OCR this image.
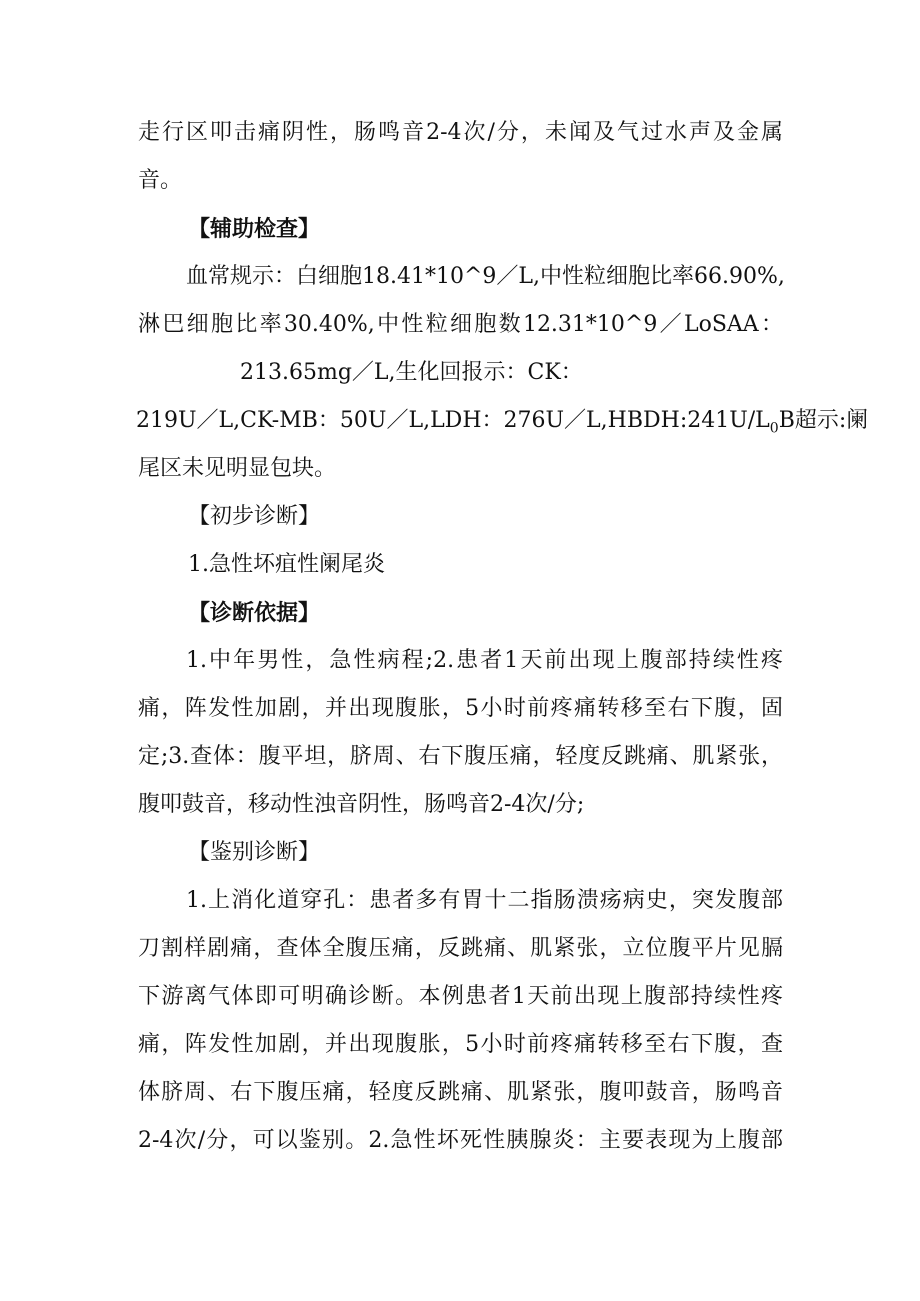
走行区叩击痛阴性，肠鸣音2-4次/分，未闻及气过水声及金属
音。
【辅助检查】
血常规示：白细胞18.41*10^9／L,中性粒细胞比率66.90%,
淋巴细胞比率30.40%,中性粒细胞数12.31*10^9／LoSAA：
213.65mg／L,生化回报示：CK：
219U／L,CK-MB：50U／L,LDH：$276U/L,HBDH:241U/L_0B$超示:阑
尾区未见明显包块。
【初步诊断】
1.急性坏疽性阑尾炎
【诊断依据】
1.中年男性，急性病程;2.患者1天前出现上腹部持续性疼
痛，阵发性加剧，并出现腹胀，5小时前疼痛转移至右下腹，固
定;3.查体：腹平坦，脐周、右下腹压痛，轻度反跳痛、肌紧张，
腹叩鼓音，移动性浊音阴性，肠鸣音2-4次/分;
【鉴别诊断】
1.上消化道穿孔：患者多有胃十二指肠溃疡病史，突发腹部
刀割样剧痛，查体全腹压痛，反跳痛、肌紧张，立位腹平片见膈
下游离气体即可明确诊断。本例患者1天前出现上腹部持续性疼
痛，阵发性加剧，并出现腹胀，5小时前疼痛转移至右下腹，查
体脐周、右下腹压痛，轻度反跳痛、肌紧张，腹叩鼓音，肠鸣音
2-4次/分，可以鉴别。2.急性坏死性胰腺炎：主要表现为上腹部
